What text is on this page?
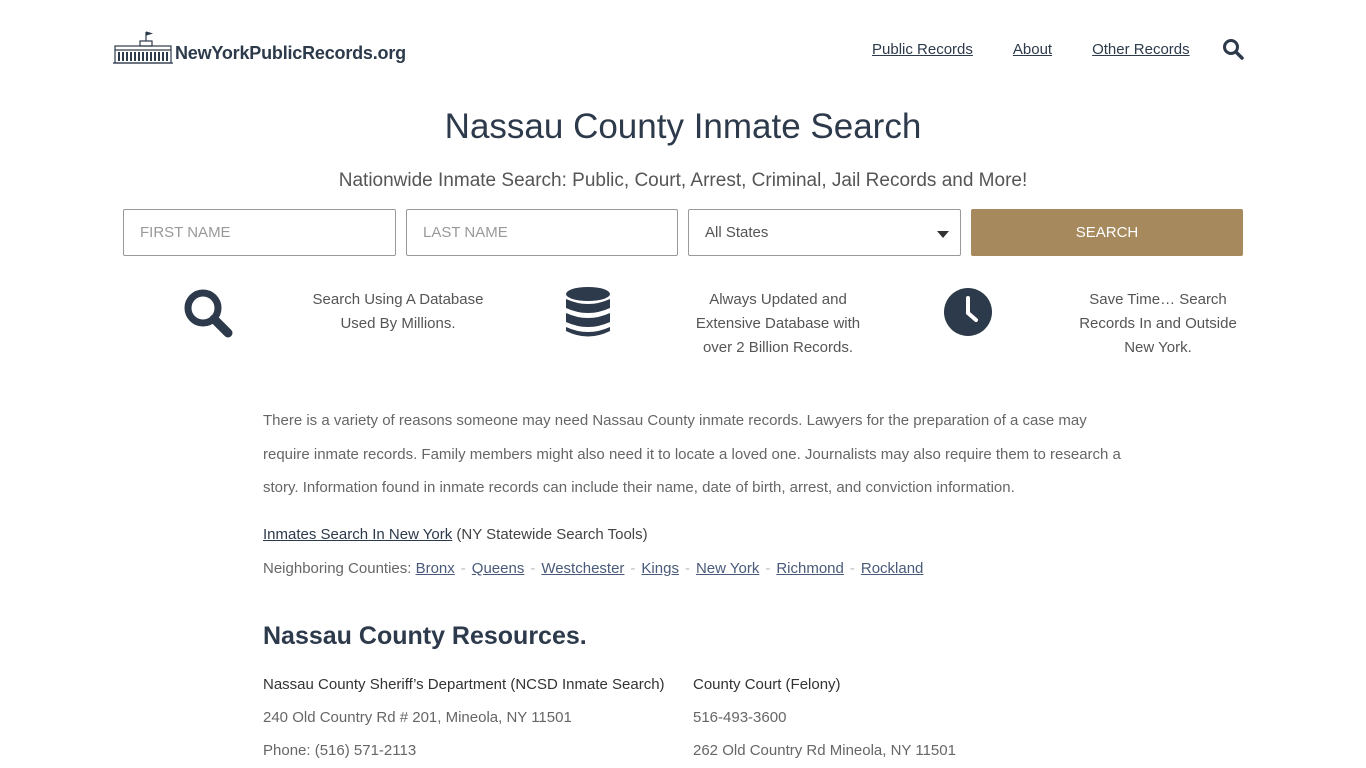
NewYorkPublicRecords.org	Public Records	About	Other Records
Nassau County Inmate Search

Nationwide Inmate Search: Public, Court, Arrest, Criminal, Jail Records and More!

FIRST NAME
LAST NAME
All States	SEARCH
Search Using A Database Used By Millions.
Always Updated and Extensive Database with over 2 Billion Records.
Save Time… Search Records In and Outside New York.

There is a variety of reasons someone may need Nassau County inmate records. Lawyers for the preparation of a case may require inmate records. Family members might also need it to locate a loved one. Journalists may also require them to research a story. Information found in inmate records can include their name, date of birth, arrest, and conviction information.

Inmates Search In New York (NY Statewide Search Tools)
Neighboring Counties: Bronx - Queens - Westchester - Kings - New York - Richmond - Rockland
Nassau County Resources.
Nassau County Sheriff’s Department (NCSD Inmate Search)
240 Old Country Rd # 201, Mineola, NY 11501
Phone: (516) 571-2113
County Court (Felony)
516-493-3600
262 Old Country Rd Mineola, NY 11501
